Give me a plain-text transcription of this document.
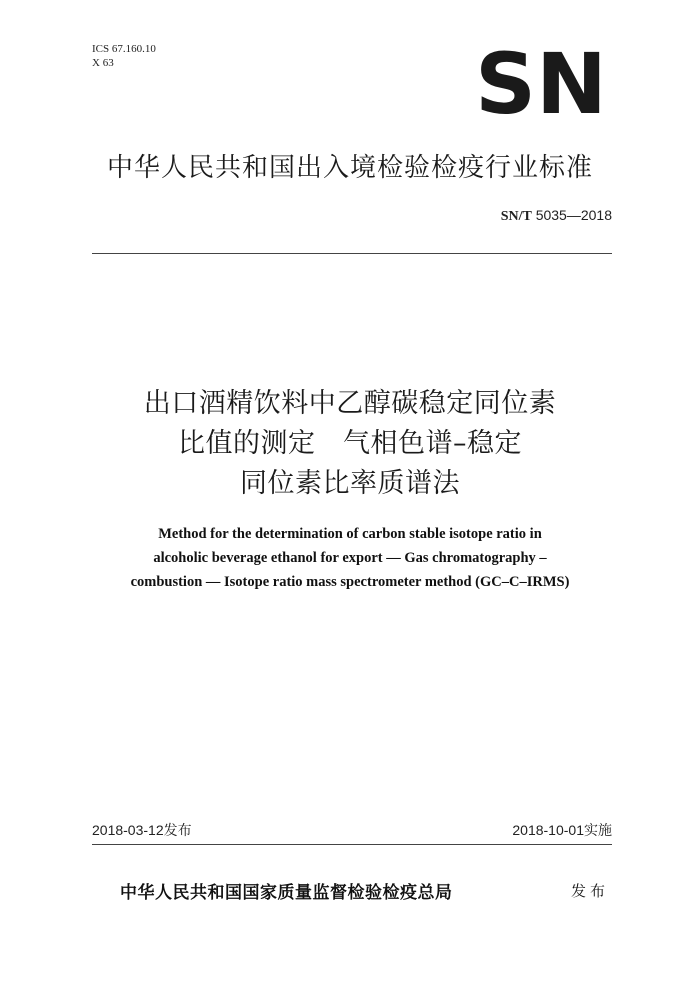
ICS 67.160.10
X 63	SN
中华人民共和国出入境检验检疫行业标准
SN/T 5035—2018
出口酒精饮料中乙醇碳稳定同位素
比值的测定　气相色谱–稳定
同位素比率质谱法
Method for the determination of carbon stable isotope ratio in
alcoholic beverage ethanol for export — Gas chromatography –
combustion — Isotope ratio mass spectrometer method (GC–C–IRMS)
2018-03-12发布	2018-10-01实施
中华人民共和国国家质量监督检验检疫总局	发布
